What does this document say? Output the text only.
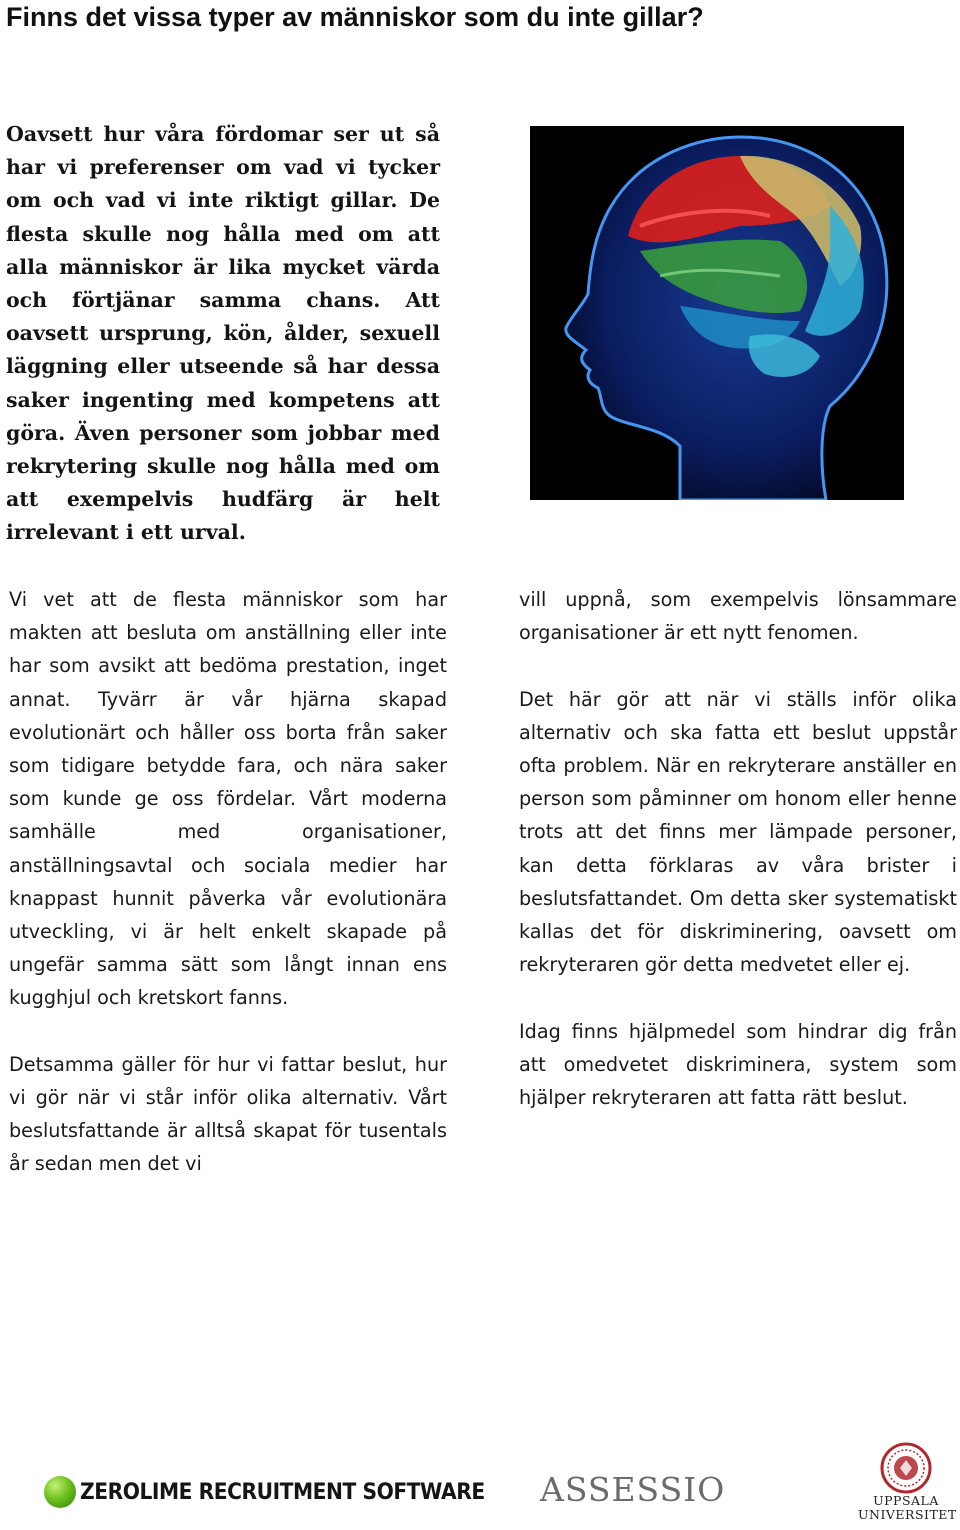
Finns det vissa typer av människor som du inte gillar?

Oavsett hur våra fördomar ser ut så har vi preferenser om vad vi tycker om och vad vi inte riktigt gillar. De flesta skulle nog hålla med om att alla människor är lika mycket värda och förtjänar samma chans. Att oavsett ursprung, kön, ålder, sexuell läggning eller utseende så har dessa saker ingenting med kompetens att göra. Även personer som jobbar med rekrytering skulle nog hålla med om att exempelvis hudfärg är helt irrelevant i ett urval.

Vi vet att de flesta människor som har makten att besluta om anställning eller inte har som avsikt att bedöma prestation, inget annat. Tyvärr är vår hjärna skapad evolutionärt och håller oss borta från saker som tidigare betydde fara, och nära saker som kunde ge oss fördelar. Vårt moderna samhälle med organisationer, anställningsavtal och sociala medier har knappast hunnit påverka vår evolutionära utveckling, vi är helt enkelt skapade på ungefär samma sätt som långt innan ens kugghjul och kretskort fanns.

Detsamma gäller för hur vi fattar beslut, hur vi gör när vi står inför olika alternativ. Vårt beslutsfattande är alltså skapat för tusentals år sedan men det vi

vill uppnå, som exempelvis lönsammare organisationer är ett nytt fenomen.

Det här gör att när vi ställs inför olika alternativ och ska fatta ett beslut uppstår ofta problem. När en rekryterare anställer en person som påminner om honom eller henne trots att det finns mer lämpade personer, kan detta förklaras av våra brister i beslutsfattandet. Om detta sker systematiskt kallas det för diskriminering, oavsett om rekryteraren gör detta medvetet eller ej.

Idag finns hjälpmedel som hindrar dig från att omedvetet diskriminera, system som hjälper rekryteraren att fatta rätt beslut.

ZEROLIME RECRUITMENT SOFTWARE ASSESSIO	UPPSALA
UNIVERSITET
